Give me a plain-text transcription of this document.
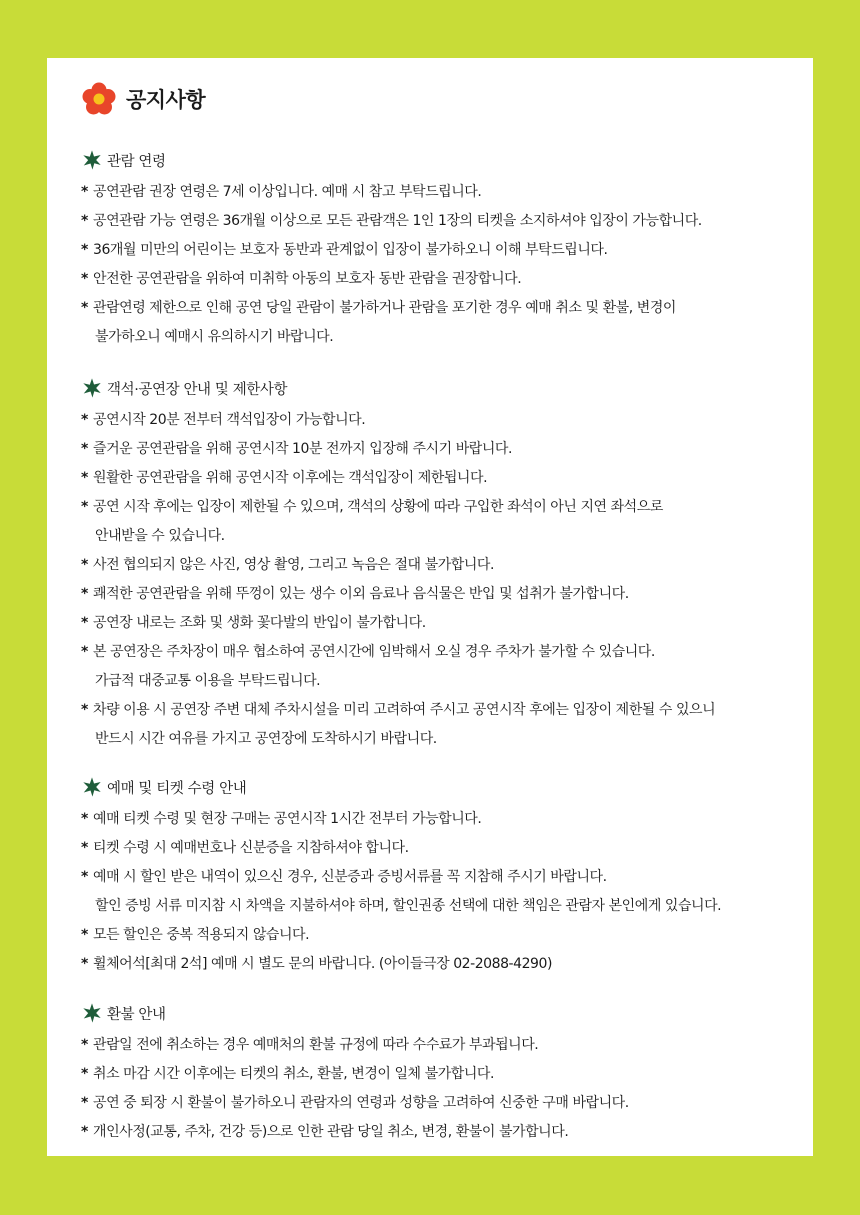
공지사항
관람 연령
* 공연관람 권장 연령은 7세 이상입니다. 예매 시 참고 부탁드립니다.
* 공연관람 가능 연령은 36개월 이상으로 모든 관람객은 1인 1장의 티켓을 소지하셔야 입장이 가능합니다.
* 36개월 미만의 어린이는 보호자 동반과 관계없이 입장이 불가하오니 이해 부탁드립니다.
* 안전한 공연관람을 위하여 미취학 아동의 보호자 동반 관람을 권장합니다.
* 관람연령 제한으로 인해 공연 당일 관람이 불가하거나 관람을 포기한 경우 예매 취소 및 환불, 변경이
불가하오니 예매시 유의하시기 바랍니다.
객석·공연장 안내 및 제한사항
* 공연시작 20분 전부터 객석입장이 가능합니다.
* 즐거운 공연관람을 위해 공연시작 10분 전까지 입장해 주시기 바랍니다.
* 원활한 공연관람을 위해 공연시작 이후에는 객석입장이 제한됩니다.
* 공연 시작 후에는 입장이 제한될 수 있으며, 객석의 상황에 따라 구입한 좌석이 아닌 지연 좌석으로
안내받을 수 있습니다.
* 사전 협의되지 않은 사진, 영상 촬영, 그리고 녹음은 절대 불가합니다.
* 쾌적한 공연관람을 위해 뚜껑이 있는 생수 이외 음료나 음식물은 반입 및 섭취가 불가합니다.
* 공연장 내로는 조화 및 생화 꽃다발의 반입이 불가합니다.
* 본 공연장은 주차장이 매우 협소하여 공연시간에 임박해서 오실 경우 주차가 불가할 수 있습니다.
가급적 대중교통 이용을 부탁드립니다.
* 차량 이용 시 공연장 주변 대체 주차시설을 미리 고려하여 주시고 공연시작 후에는 입장이 제한될 수 있으니
반드시 시간 여유를 가지고 공연장에 도착하시기 바랍니다.
예매 및 티켓 수령 안내
* 예매 티켓 수령 및 현장 구매는 공연시작 1시간 전부터 가능합니다.
* 티켓 수령 시 예매번호나 신분증을 지참하셔야 합니다.
* 예매 시 할인 받은 내역이 있으신 경우, 신분증과 증빙서류를 꼭 지참해 주시기 바랍니다.
할인 증빙 서류 미지참 시 차액을 지불하셔야 하며, 할인권종 선택에 대한 책임은 관람자 본인에게 있습니다.
* 모든 할인은 중복 적용되지 않습니다.
* 휠체어석[최대 2석] 예매 시 별도 문의 바랍니다. (아이들극장 02-2088-4290)
환불 안내
* 관람일 전에 취소하는 경우 예매처의 환불 규정에 따라 수수료가 부과됩니다.
* 취소 마감 시간 이후에는 티켓의 취소, 환불, 변경이 일체 불가합니다.
* 공연 중 퇴장 시 환불이 불가하오니 관람자의 연령과 성향을 고려하여 신중한 구매 바랍니다.
* 개인사정(교통, 주차, 건강 등)으로 인한 관람 당일 취소, 변경, 환불이 불가합니다.
